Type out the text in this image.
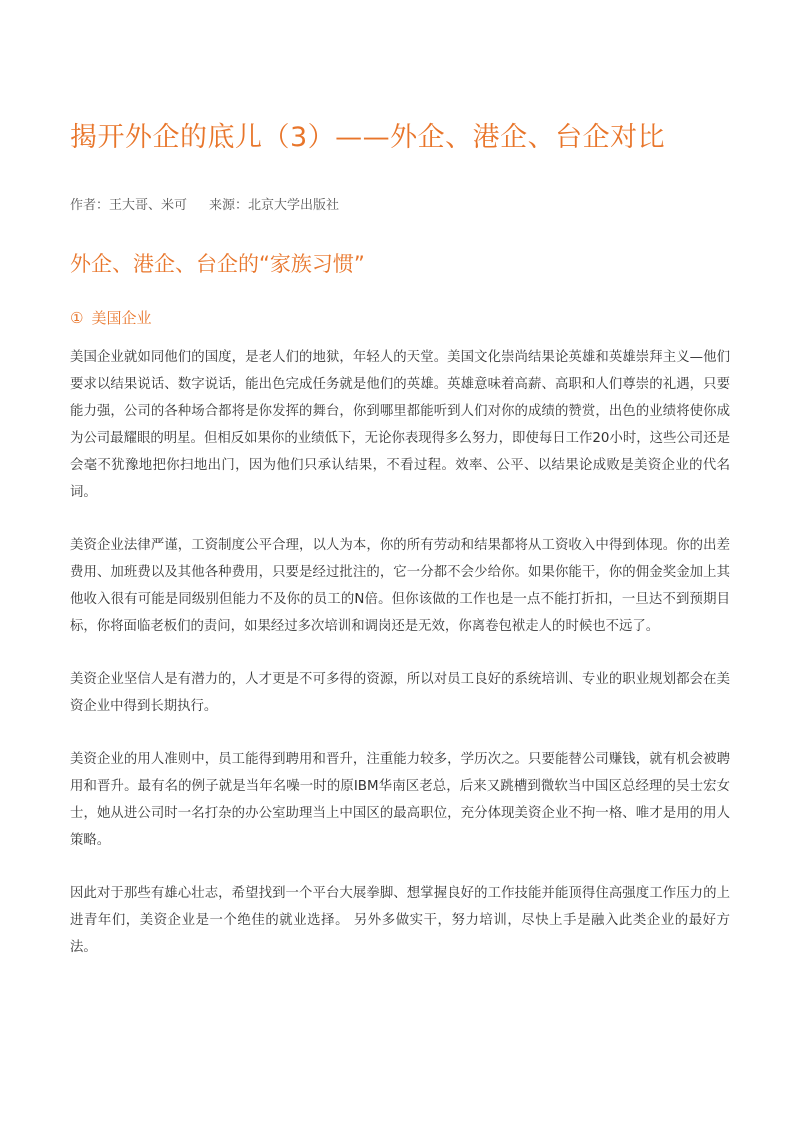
揭开外企的底儿（3）——外企、港企、台企对比
作者：王大哥、米可 来源：北京大学出版社
外企、港企、台企的“家族习惯”
① 美国企业

美国企业就如同他们的国度，是老人们的地狱，年轻人的天堂。美国文化崇尚结果论英雄和英雄崇拜主义—他们要求以结果说话、数字说话，能出色完成任务就是他们的英雄。英雄意味着高薪、高职和人们尊崇的礼遇，只要能力强，公司的各种场合都将是你发挥的舞台，你到哪里都能听到人们对你的成绩的赞赏，出色的业绩将使你成为公司最耀眼的明星。但相反如果你的业绩低下，无论你表现得多么努力，即使每日工作20小时，这些公司还是会毫不犹豫地把你扫地出门，因为他们只承认结果，不看过程。效率、公平、以结果论成败是美资企业的代名词。

美资企业法律严谨，工资制度公平合理，以人为本，你的所有劳动和结果都将从工资收入中得到体现。你的出差费用、加班费以及其他各种费用，只要是经过批注的，它一分都不会少给你。如果你能干，你的佣金奖金加上其他收入很有可能是同级别但能力不及你的员工的N倍。但你该做的工作也是一点不能打折扣，一旦达不到预期目标，你将面临老板们的责问，如果经过多次培训和调岗还是无效，你离卷包袱走人的时候也不远了。

美资企业坚信人是有潜力的，人才更是不可多得的资源，所以对员工良好的系统培训、专业的职业规划都会在美资企业中得到长期执行。

美资企业的用人准则中，员工能得到聘用和晋升，注重能力较多，学历次之。只要能替公司赚钱，就有机会被聘用和晋升。最有名的例子就是当年名噪一时的原IBM华南区老总，后来又跳槽到微软当中国区总经理的吴士宏女士，她从进公司时一名打杂的办公室助理当上中国区的最高职位，充分体现美资企业不拘一格、唯才是用的用人策略。

因此对于那些有雄心壮志，希望找到一个平台大展拳脚、想掌握良好的工作技能并能顶得住高强度工作压力的上进青年们，美资企业是一个绝佳的就业选择。 另外多做实干，努力培训，尽快上手是融入此类企业的最好方法。
